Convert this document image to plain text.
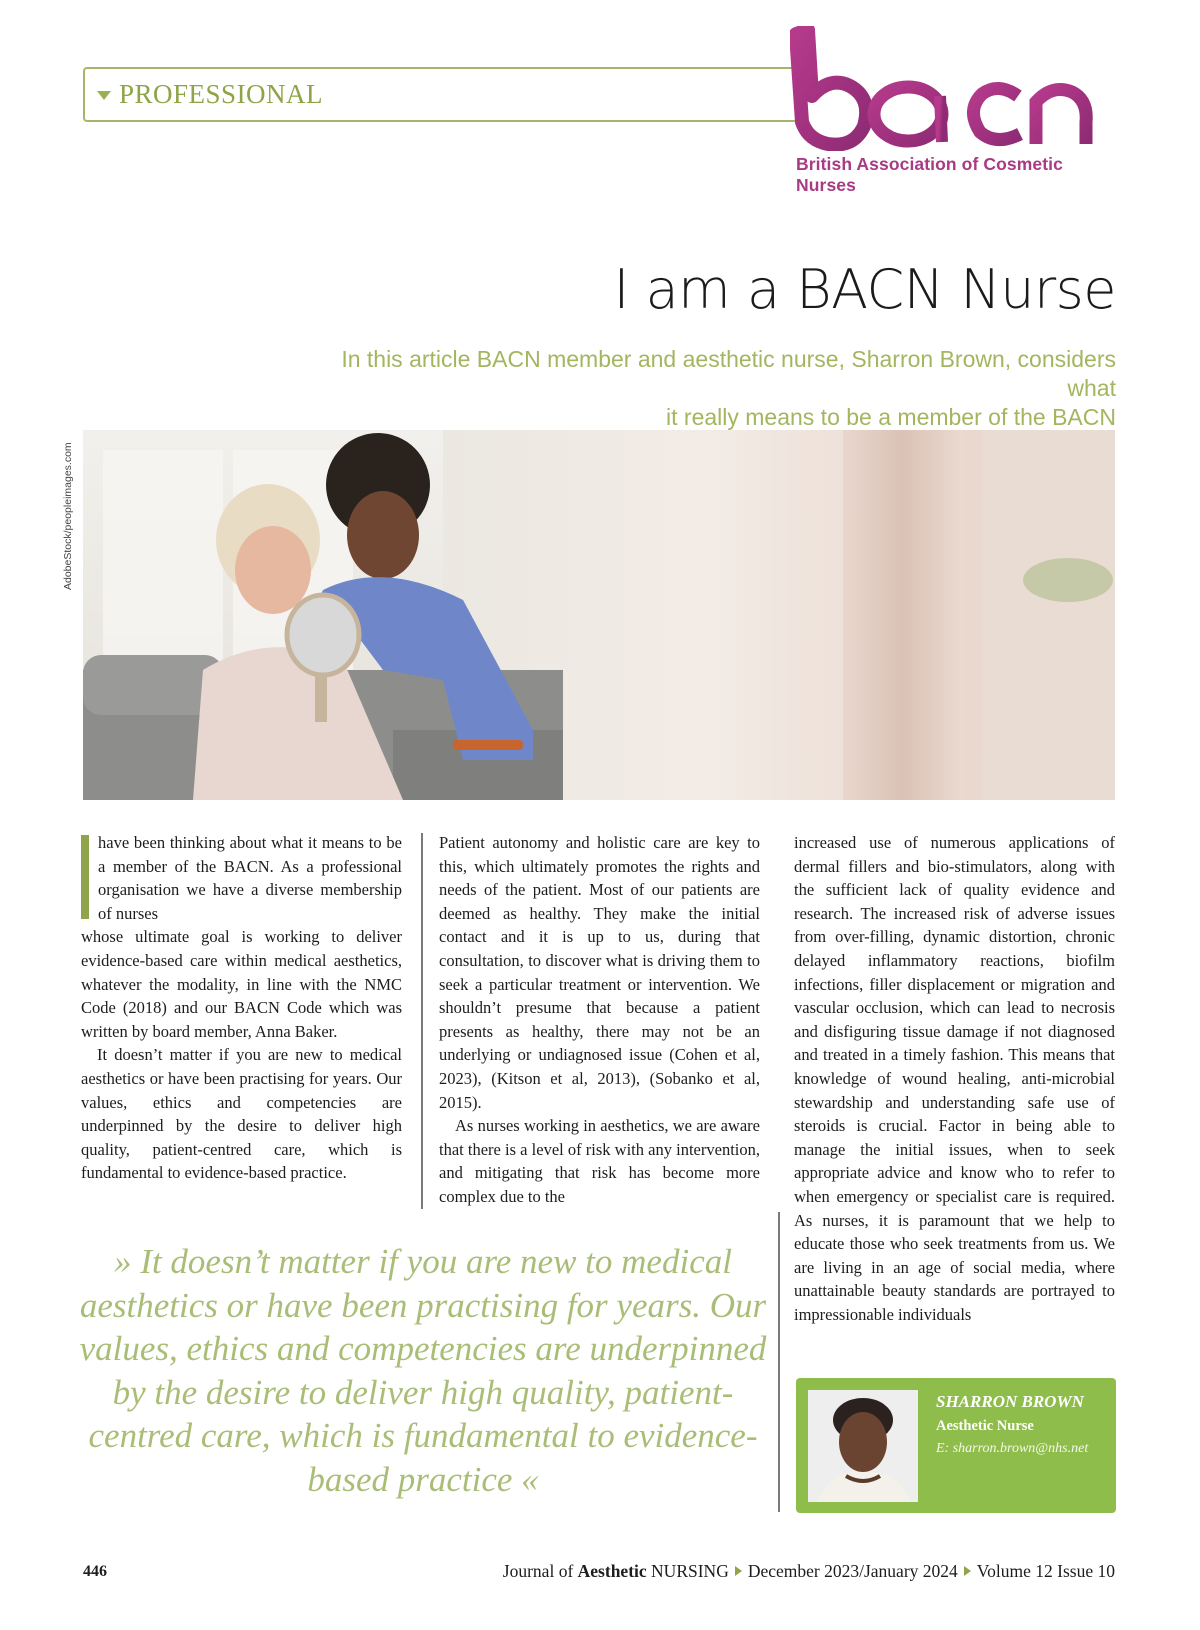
PROFESSIONAL
British Association of Cosmetic Nurses
I am a BACN Nurse
In this article BACN member and aesthetic nurse, Sharron Brown, considers what
it really means to be a member of the BACN
AdobeStock/peopleimages.com

have been thinking about what it means to be a member of the BACN. As a professional organisation we have a diverse membership of nurses

whose ultimate goal is working to deliver evidence-based care within medical aesthetics, whatever the modality, in line with the NMC Code (2018) and our BACN Code which was written by board member, Anna Baker.

It doesn’t matter if you are new to medical aesthetics or have been practising for years. Our values, ethics and competencies are underpinned by the desire to deliver high quality, patient-centred care, which is fundamental to evidence-based practice.

Patient autonomy and holistic care are key to this, which ultimately promotes the rights and needs of the patient. Most of our patients are deemed as healthy. They make the initial contact and it is up to us, during that consultation, to discover what is driving them to seek a particular treatment or intervention. We shouldn’t presume that because a patient presents as healthy, there may not be an underlying or undiagnosed issue (Cohen et al, 2023), (Kitson et al, 2013), (Sobanko et al, 2015).

As nurses working in aesthetics, we are aware that there is a level of risk with any intervention, and mitigating that risk has become more complex due to the

increased use of numerous applications of dermal fillers and bio-stimulators, along with the sufficient lack of quality evidence and research. The increased risk of adverse issues from over-filling, dynamic distortion, chronic delayed inflammatory reactions, biofilm infections, filler displacement or migration and vascular occlusion, which can lead to necrosis and disfiguring tissue damage if not diagnosed and treated in a timely fashion. This means that knowledge of wound healing, anti-microbial stewardship and understanding safe use of steroids is crucial. Factor in being able to manage the initial issues, when to seek appropriate advice and know who to refer to when emergency or specialist care is required. As nurses, it is paramount that we help to educate those who seek treatments from us. We are living in an age of social media, where unattainable beauty standards are portrayed to impressionable individuals

» It doesn’t matter if you are new to medical aesthetics or have been practising for years. Our values, ethics and competencies are underpinned by the desire to deliver high quality, patient-centred care, which is fundamental to evidence-based practice «
SHARRON BROWN
Aesthetic Nurse
E: sharron.brown@nhs.net
446	Journal of Aesthetic NURSING December 2023/January 2024 Volume 12 Issue 10
